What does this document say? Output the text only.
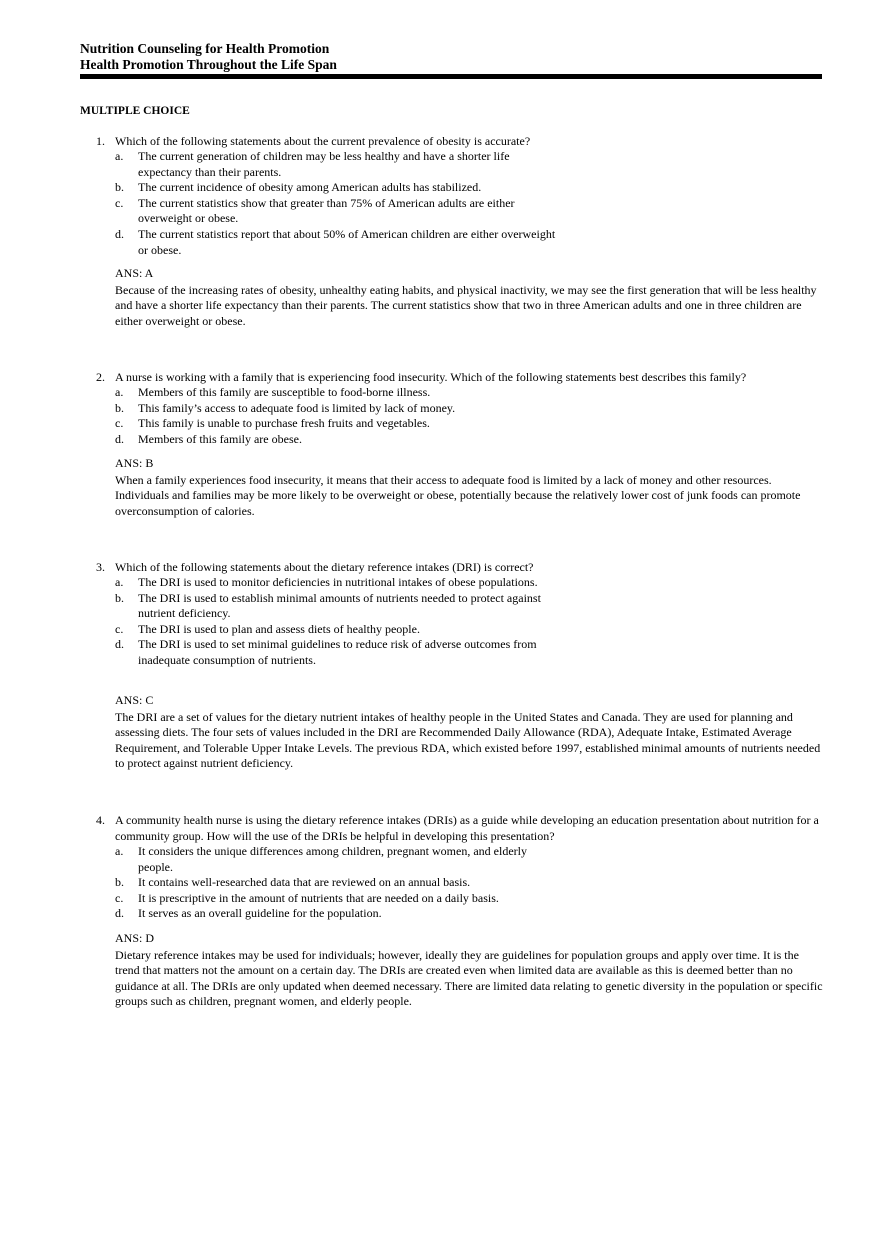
Nutrition Counseling for Health Promotion
Health Promotion Throughout the Life Span
MULTIPLE CHOICE
1. Which of the following statements about the current prevalence of obesity is accurate?
a. The current generation of children may be less healthy and have a shorter life expectancy than their parents.
b. The current incidence of obesity among American adults has stabilized.
c. The current statistics show that greater than 75% of American adults are either overweight or obese.
d. The current statistics report that about 50% of American children are either overweight or obese.
ANS: A
Because of the increasing rates of obesity, unhealthy eating habits, and physical inactivity, we may see the first generation that will be less healthy and have a shorter life expectancy than their parents. The current statistics show that two in three American adults and one in three children are either overweight or obese.
2. A nurse is working with a family that is experiencing food insecurity. Which of the following statements best describes this family?
a. Members of this family are susceptible to food-borne illness.
b. This family’s access to adequate food is limited by lack of money.
c. This family is unable to purchase fresh fruits and vegetables.
d. Members of this family are obese.
ANS: B
When a family experiences food insecurity, it means that their access to adequate food is limited by a lack of money and other resources. Individuals and families may be more likely to be overweight or obese, potentially because the relatively lower cost of junk foods can promote overconsumption of calories.
3. Which of the following statements about the dietary reference intakes (DRI) is correct?
a. The DRI is used to monitor deficiencies in nutritional intakes of obese populations.
b. The DRI is used to establish minimal amounts of nutrients needed to protect against nutrient deficiency.
c. The DRI is used to plan and assess diets of healthy people.
d. The DRI is used to set minimal guidelines to reduce risk of adverse outcomes from inadequate consumption of nutrients.
ANS: C
The DRI are a set of values for the dietary nutrient intakes of healthy people in the United States and Canada. They are used for planning and assessing diets. The four sets of values included in the DRI are Recommended Daily Allowance (RDA), Adequate Intake, Estimated Average Requirement, and Tolerable Upper Intake Levels. The previous RDA, which existed before 1997, established minimal amounts of nutrients needed to protect against nutrient deficiency.
4. A community health nurse is using the dietary reference intakes (DRIs) as a guide while developing an education presentation about nutrition for a community group. How will the use of the DRIs be helpful in developing this presentation?
a. It considers the unique differences among children, pregnant women, and elderly people.
b. It contains well-researched data that are reviewed on an annual basis.
c. It is prescriptive in the amount of nutrients that are needed on a daily basis.
d. It serves as an overall guideline for the population.
ANS: D
Dietary reference intakes may be used for individuals; however, ideally they are guidelines for population groups and apply over time. It is the trend that matters not the amount on a certain day. The DRIs are created even when limited data are available as this is deemed better than no guidance at all. The DRIs are only updated when deemed necessary. There are limited data relating to genetic diversity in the population or specific groups such as children, pregnant women, and elderly people.
